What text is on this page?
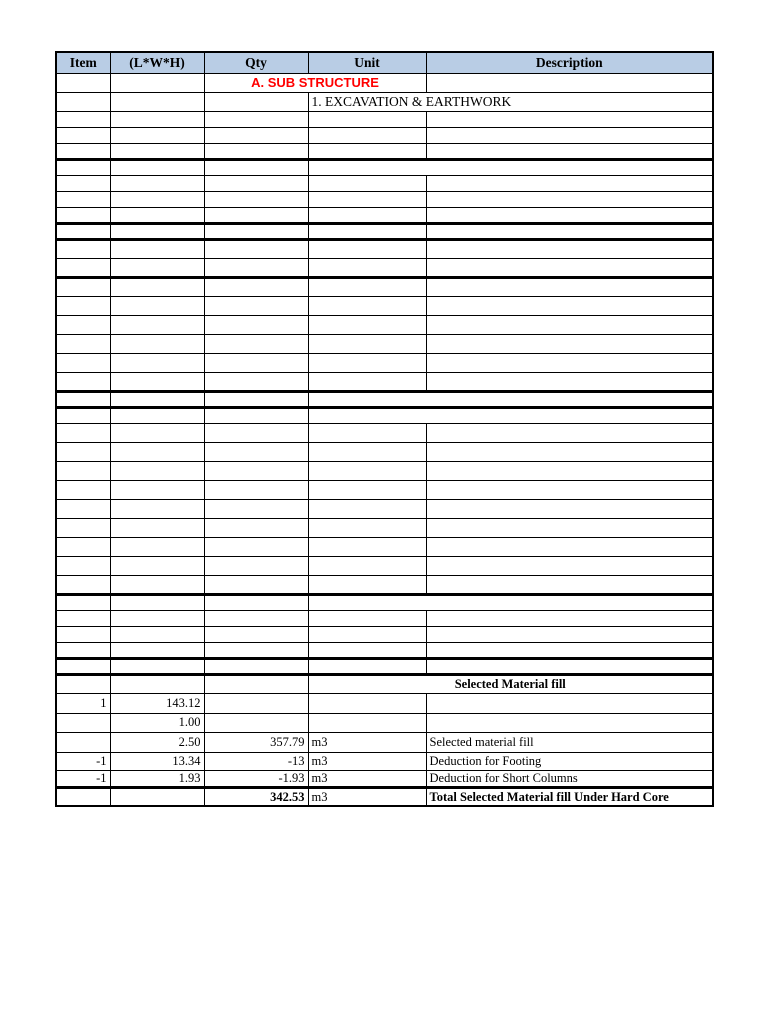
Item	(L*W*H)	Qty	Unit	Description
		A. SUB STRUCTURE		
			1. EXCAVATION & EARTHWORK	

			Selected Material fill	
1	143.12			
	1.00			
	2.50	357.79	m3	Selected material fill
-1	13.34	-13	m3	Deduction for Footing
-1	1.93	-1.93	m3	Deduction for Short Columns
		342.53	m3	Total Selected Material fill Under Hard Core
